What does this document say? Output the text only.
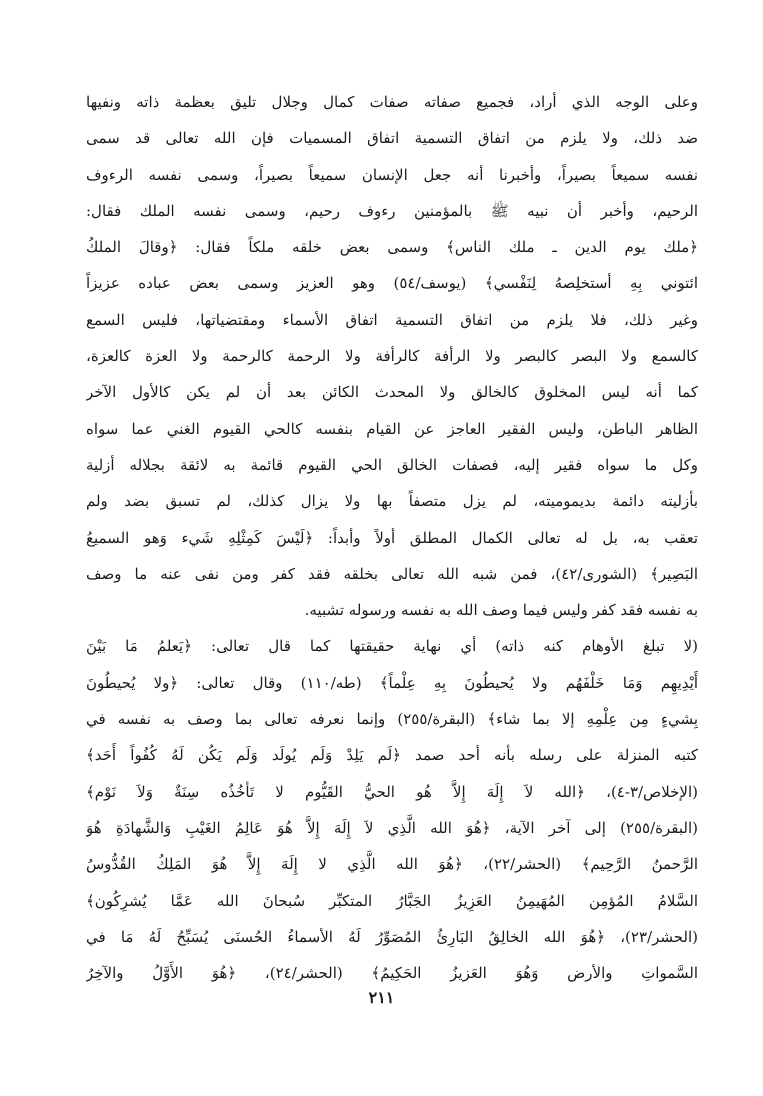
وعلى الوجه الذي أراد، فجميع صفاته صفات كمال وجلال تليق بعظمة ذاته ونفيها
ضد ذلك، ولا يلزم من اتفاق التسمية اتفاق المسميات فإن الله تعالى قد سمى
نفسه سميعاً بصيراً، وأخبرنا أنه جعل الإنسان سميعاً بصيراً، وسمى نفسه الرءوف
الرحيم، وأخبر أن نبيه ﷺ بالمؤمنين رءوف رحيم، وسمى نفسه الملك فقال:
﴿ملك يوم الدين ـ ملك الناس﴾ وسمى بعض خلقه ملكاً فقال: ﴿وقالَ الملكُ
ائتوني بِهِ أستخلِصهُ لِنَفْسي﴾ (يوسف/٥٤) وهو العزيز وسمى بعض عباده عزيزاً
وغير ذلك، فلا يلزم من اتفاق التسمية اتفاق الأسماء ومقتضياتها، فليس السمع
كالسمع ولا البصر كالبصر ولا الرأفة كالرأفة ولا الرحمة كالرحمة ولا العزة كالعزة،
كما أنه ليس المخلوق كالخالق ولا المحدث الكائن بعد أن لم يكن كالأول الآخر
الظاهر الباطن، وليس الفقير العاجز عن القيام بنفسه كالحي القيوم الغني عما سواه
وكل ما سواه فقير إليه، فصفات الخالق الحي القيوم قائمة به لائقة بجلاله أزلية
بأزليته دائمة بديموميته، لم يزل متصفاً بها ولا يزال كذلك، لم تسبق بضد ولم
تعقب به، بل له تعالى الكمال المطلق أولاً وأبداً: ﴿لَيْسَ كَمِثْلِهِ شَيء وَهو السميعُ
البَصِير﴾ (الشورى/٤٢)، فمن شبه الله تعالى بخلقه فقد كفر ومن نفى عنه ما وصف
به نفسه فقد كفر وليس فيما وصف الله به نفسه ورسوله تشبيه.
(لا تبلغ الأوهام كنه ذاته) أي نهاية حقيقتها كما قال تعالى: ﴿يَعلمُ مَا بَيْنَ
أَيْدِيهِم وَمَا خَلْفَهُم ولا يُحيطُونَ بِهِ عِلْماً﴾ (طه/١١٠) وقال تعالى: ﴿ولا يُحيطُونَ
بِشيءٍ مِن عِلْمِهِ إلا بما شاء﴾ (البقرة/٢٥٥) وإنما نعرفه تعالى بما وصف به نفسه في
كتبه المنزلة على رسله بأنه أحد صمد ﴿لَم يَلِدْ وَلَم يُولَد وَلَم يَكُن لَهُ كُفُواً أَحَد﴾
(الإخلاص/٣-٤)، ﴿الله لاَ إِلَهَ إِلاَّ هُو الحيُّ القَيُّوم لا تَأخُذُه سِنَةٌ وَلاَ نَوْم﴾
(البقرة/٢٥٥) إلى آخر الآية، ﴿هُوَ الله الَّذِي لاَ إِلَهَ إِلاَّ هُوَ عَالِمُ الغَيْبِ وَالشَّهادَةِ هُوَ
الرَّحمنُ الرَّحِيم﴾ (الحشر/٢٢)، ﴿هُوَ الله الَّذِي لا إِلَهَ إِلاَّ هُوَ المَلِكُ القُدُّوسُ
السَّلامُ المُؤمِن المُهَيمِنُ العَزِيزُ الجَبَّارُ المتكبِّر سُبحانَ الله عَمَّا يُشرِكُون﴾
(الحشر/٢٣)، ﴿هُوَ الله الخالِقُ البَارِئُ المُصَوِّرُ لَهُ الأسماءُ الحُسنَى يُسَبِّحُ لَهُ مَا في
السَّمواتِ والأرض وَهُوَ العَزيزُ الحَكِيمُ﴾ (الحشر/٢٤)، ﴿هُوَ الأَوَّلُ والآخِرُ
٢١١
